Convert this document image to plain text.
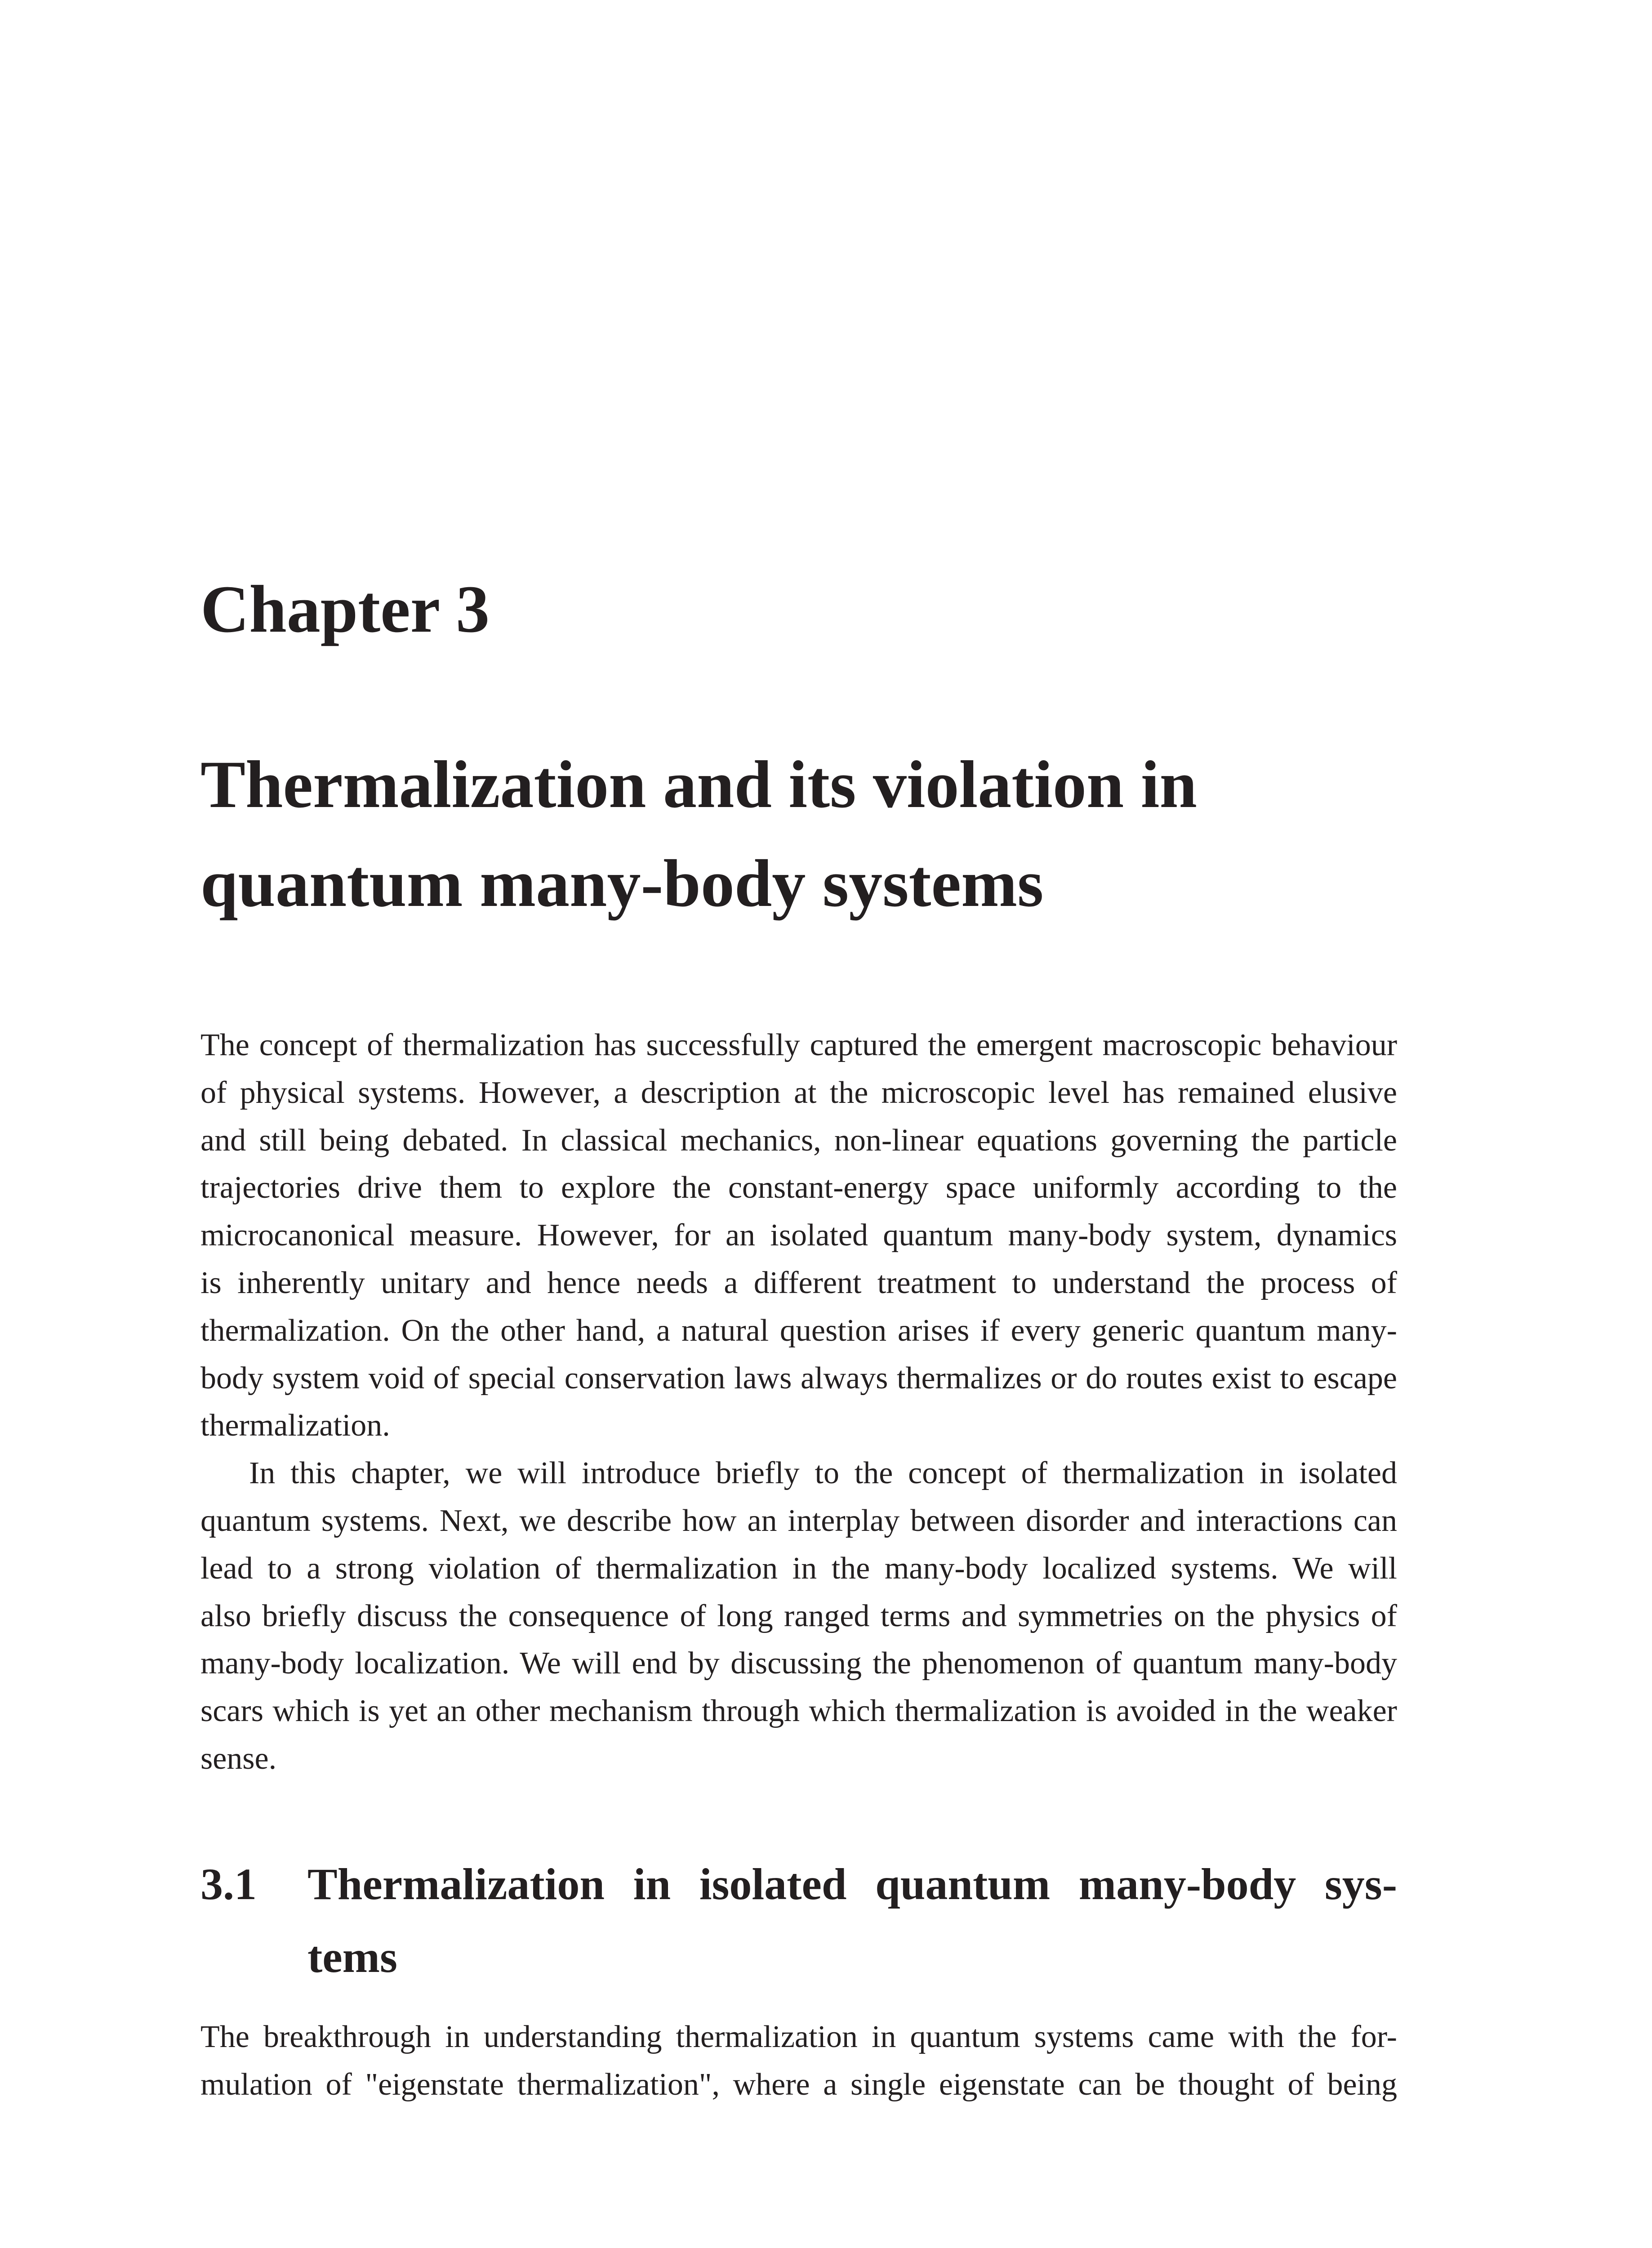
Chapter 3
Thermalization and its violation in
quantum many-body systems
The concept of thermalization has successfully captured the emergent macroscopic behaviour
of physical systems. However, a description at the microscopic level has remained elusive
and still being debated. In classical mechanics, non-linear equations governing the particle
trajectories drive them to explore the constant-energy space uniformly according to the
microcanonical measure. However, for an isolated quantum many-body system, dynamics
is inherently unitary and hence needs a different treatment to understand the process of
thermalization. On the other hand, a natural question arises if every generic quantum many-
body system void of special conservation laws always thermalizes or do routes exist to escape
thermalization.
In this chapter, we will introduce briefly to the concept of thermalization in isolated
quantum systems. Next, we describe how an interplay between disorder and interactions can
lead to a strong violation of thermalization in the many-body localized systems. We will
also briefly discuss the consequence of long ranged terms and symmetries on the physics of
many-body localization. We will end by discussing the phenomenon of quantum many-body
scars which is yet an other mechanism through which thermalization is avoided in the weaker
sense.
3.1 Thermalization in isolated quantum many-body sys-
tems
The breakthrough in understanding thermalization in quantum systems came with the for-
mulation of "eigenstate thermalization", where a single eigenstate can be thought of being
